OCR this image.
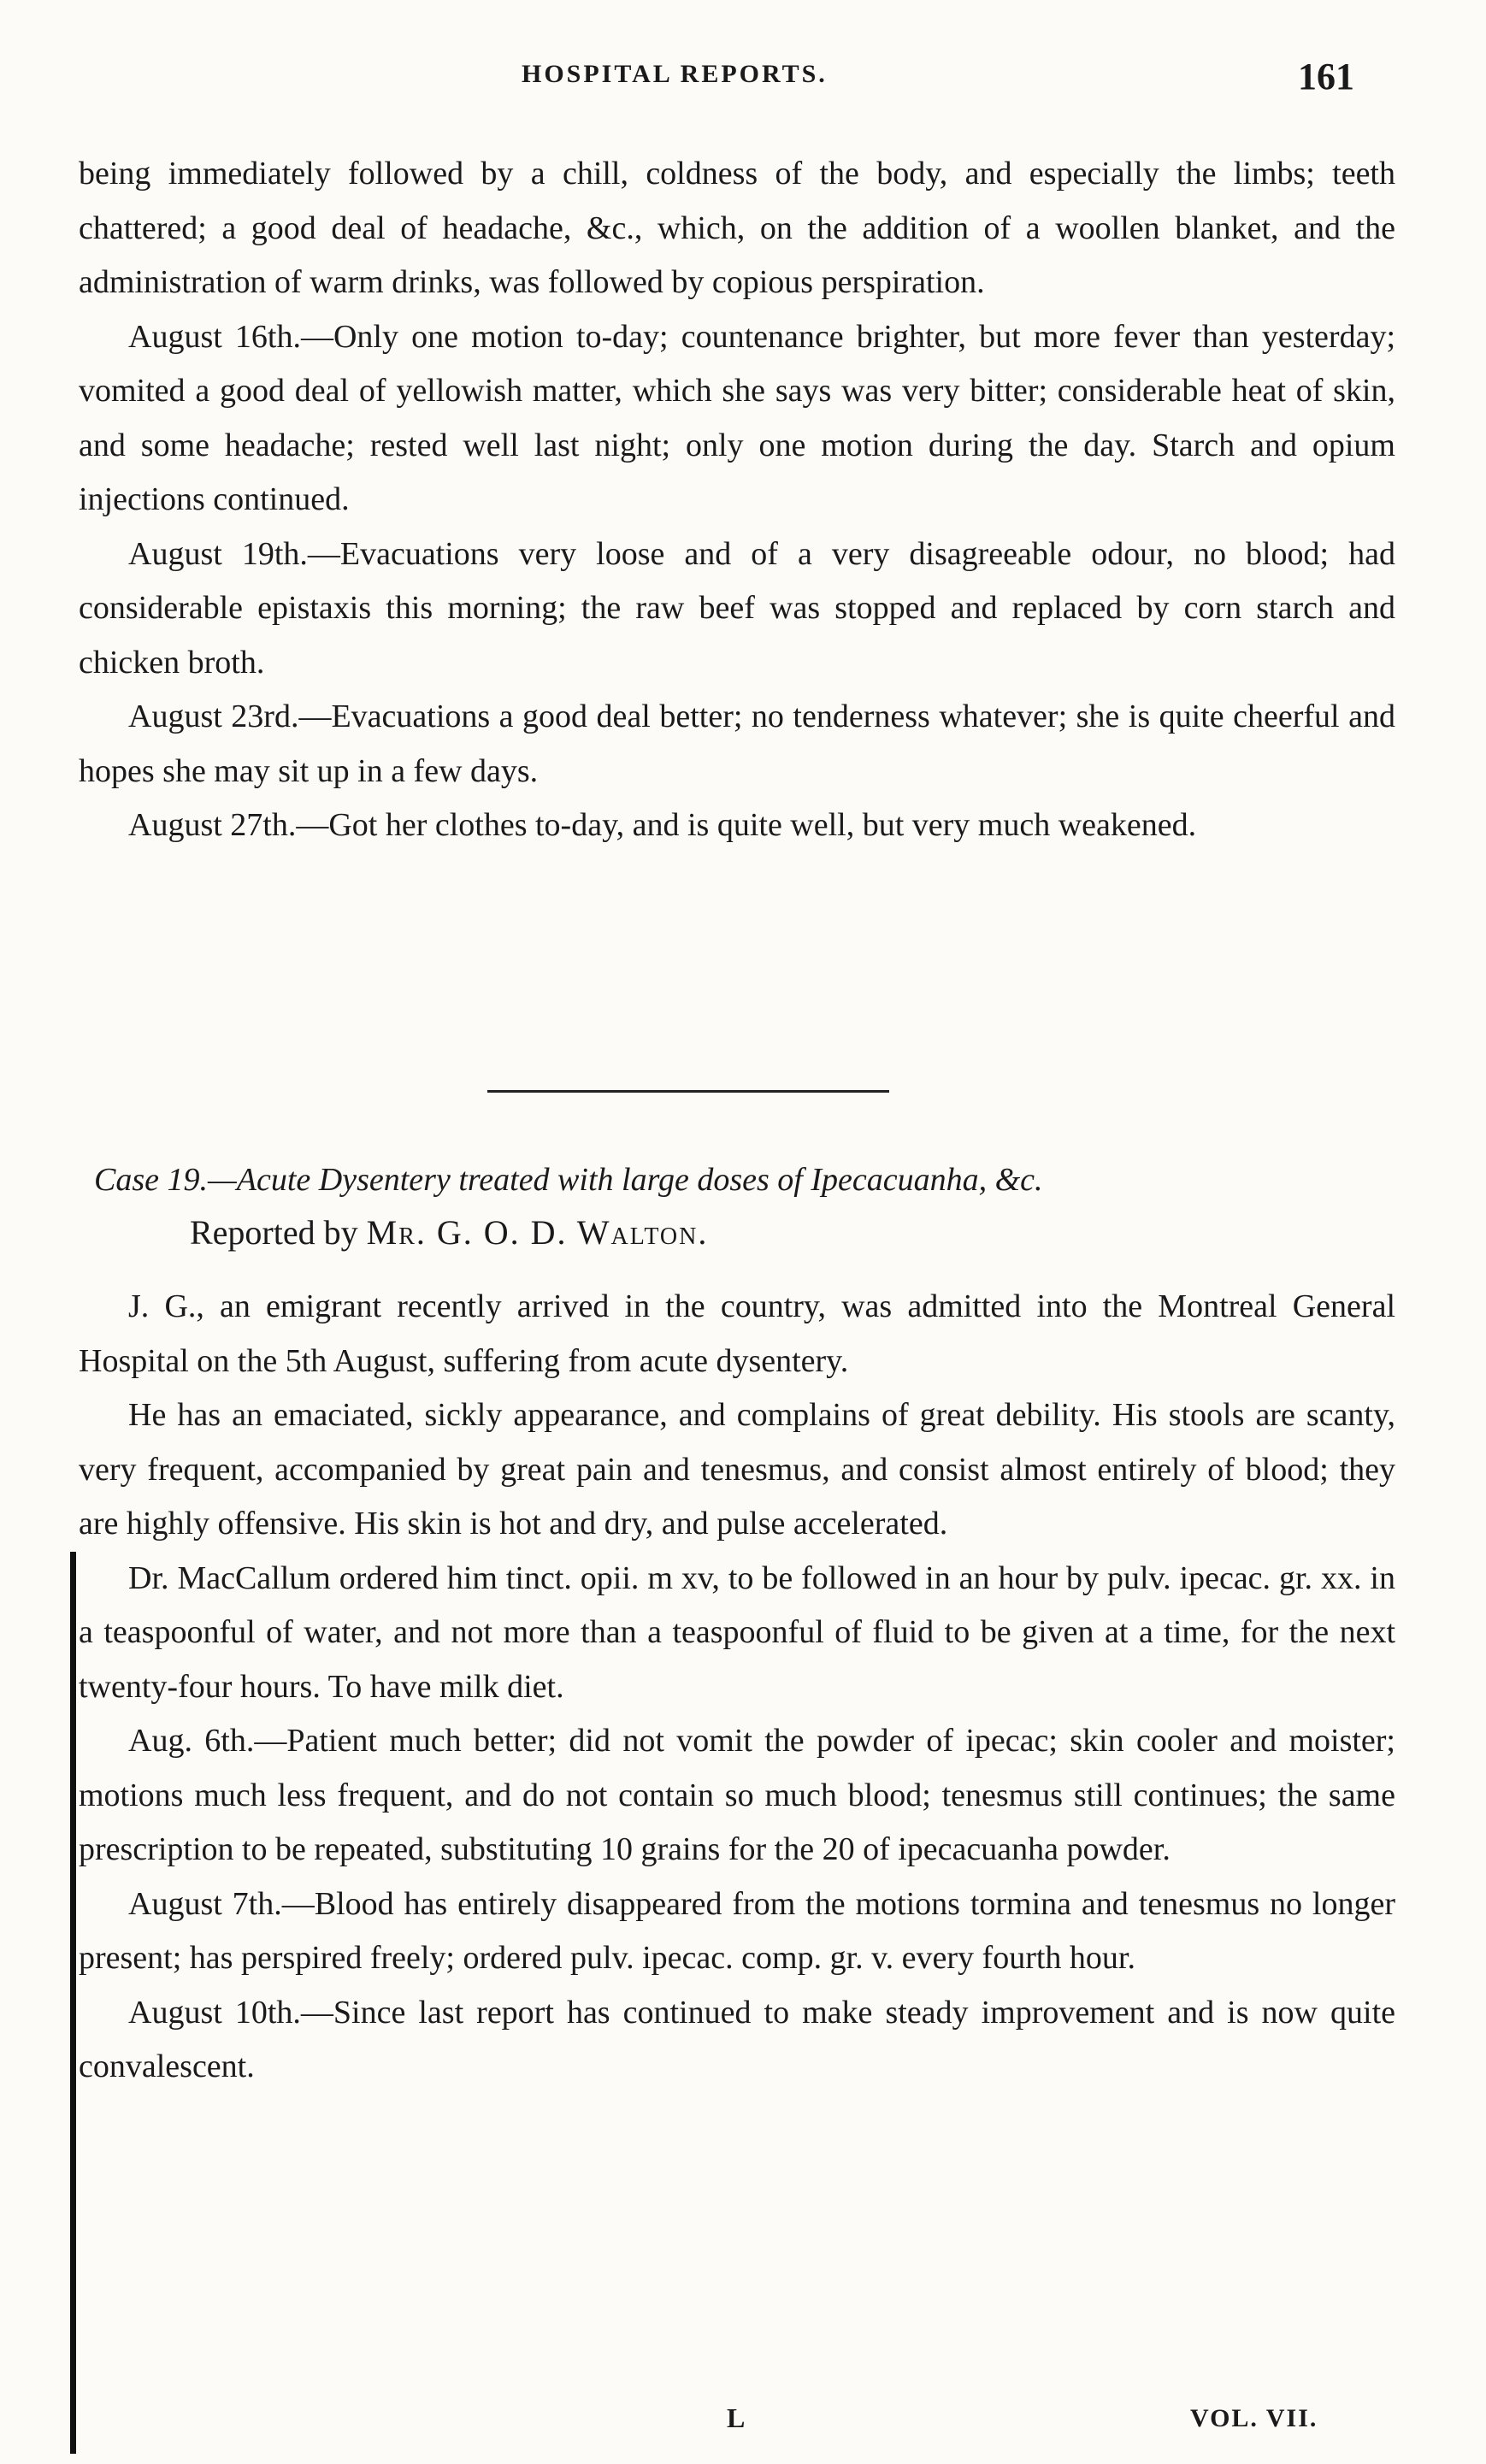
HOSPITAL REPORTS.	161

being immediately followed by a chill, coldness of the body, and especially the limbs; teeth chattered; a good deal of headache, &c., which, on the addition of a woollen blanket, and the administration of warm drinks, was followed by copious perspiration.

August 16th.—Only one motion to-day; countenance brighter, but more fever than yesterday; vomited a good deal of yellowish matter, which she says was very bitter; considerable heat of skin, and some headache; rested well last night; only one motion during the day. Starch and opium injections continued.

August 19th.—Evacuations very loose and of a very disagreeable odour, no blood; had considerable epistaxis this morning; the raw beef was stopped and replaced by corn starch and chicken broth.

August 23rd.—Evacuations a good deal better; no tenderness whatever; she is quite cheerful and hopes she may sit up in a few days.

August 27th.—Got her clothes to-day, and is quite well, but very much weakened.

Case 19.—Acute Dysentery treated with large doses of Ipecacuanha, &c.
Reported by Mr. G. O. D. Walton.

J. G., an emigrant recently arrived in the country, was admitted into the Montreal General Hospital on the 5th August, suffering from acute dysentery.

He has an emaciated, sickly appearance, and complains of great debility. His stools are scanty, very frequent, accompanied by great pain and tenesmus, and consist almost entirely of blood; they are highly offensive. His skin is hot and dry, and pulse accelerated.

Dr. MacCallum ordered him tinct. opii. m xv, to be followed in an hour by pulv. ipecac. gr. xx. in a teaspoonful of water, and not more than a teaspoonful of fluid to be given at a time, for the next twenty-four hours. To have milk diet.

Aug. 6th.—Patient much better; did not vomit the powder of ipecac; skin cooler and moister; motions much less frequent, and do not contain so much blood; tenesmus still continues; the same prescription to be repeated, substituting 10 grains for the 20 of ipecacuanha powder.

August 7th.—Blood has entirely disappeared from the motions tormina and tenesmus no longer present; has perspired freely; ordered pulv. ipecac. comp. gr. v. every fourth hour.

August 10th.—Since last report has continued to make steady improvement and is now quite convalescent.

L	VOL. VII.
